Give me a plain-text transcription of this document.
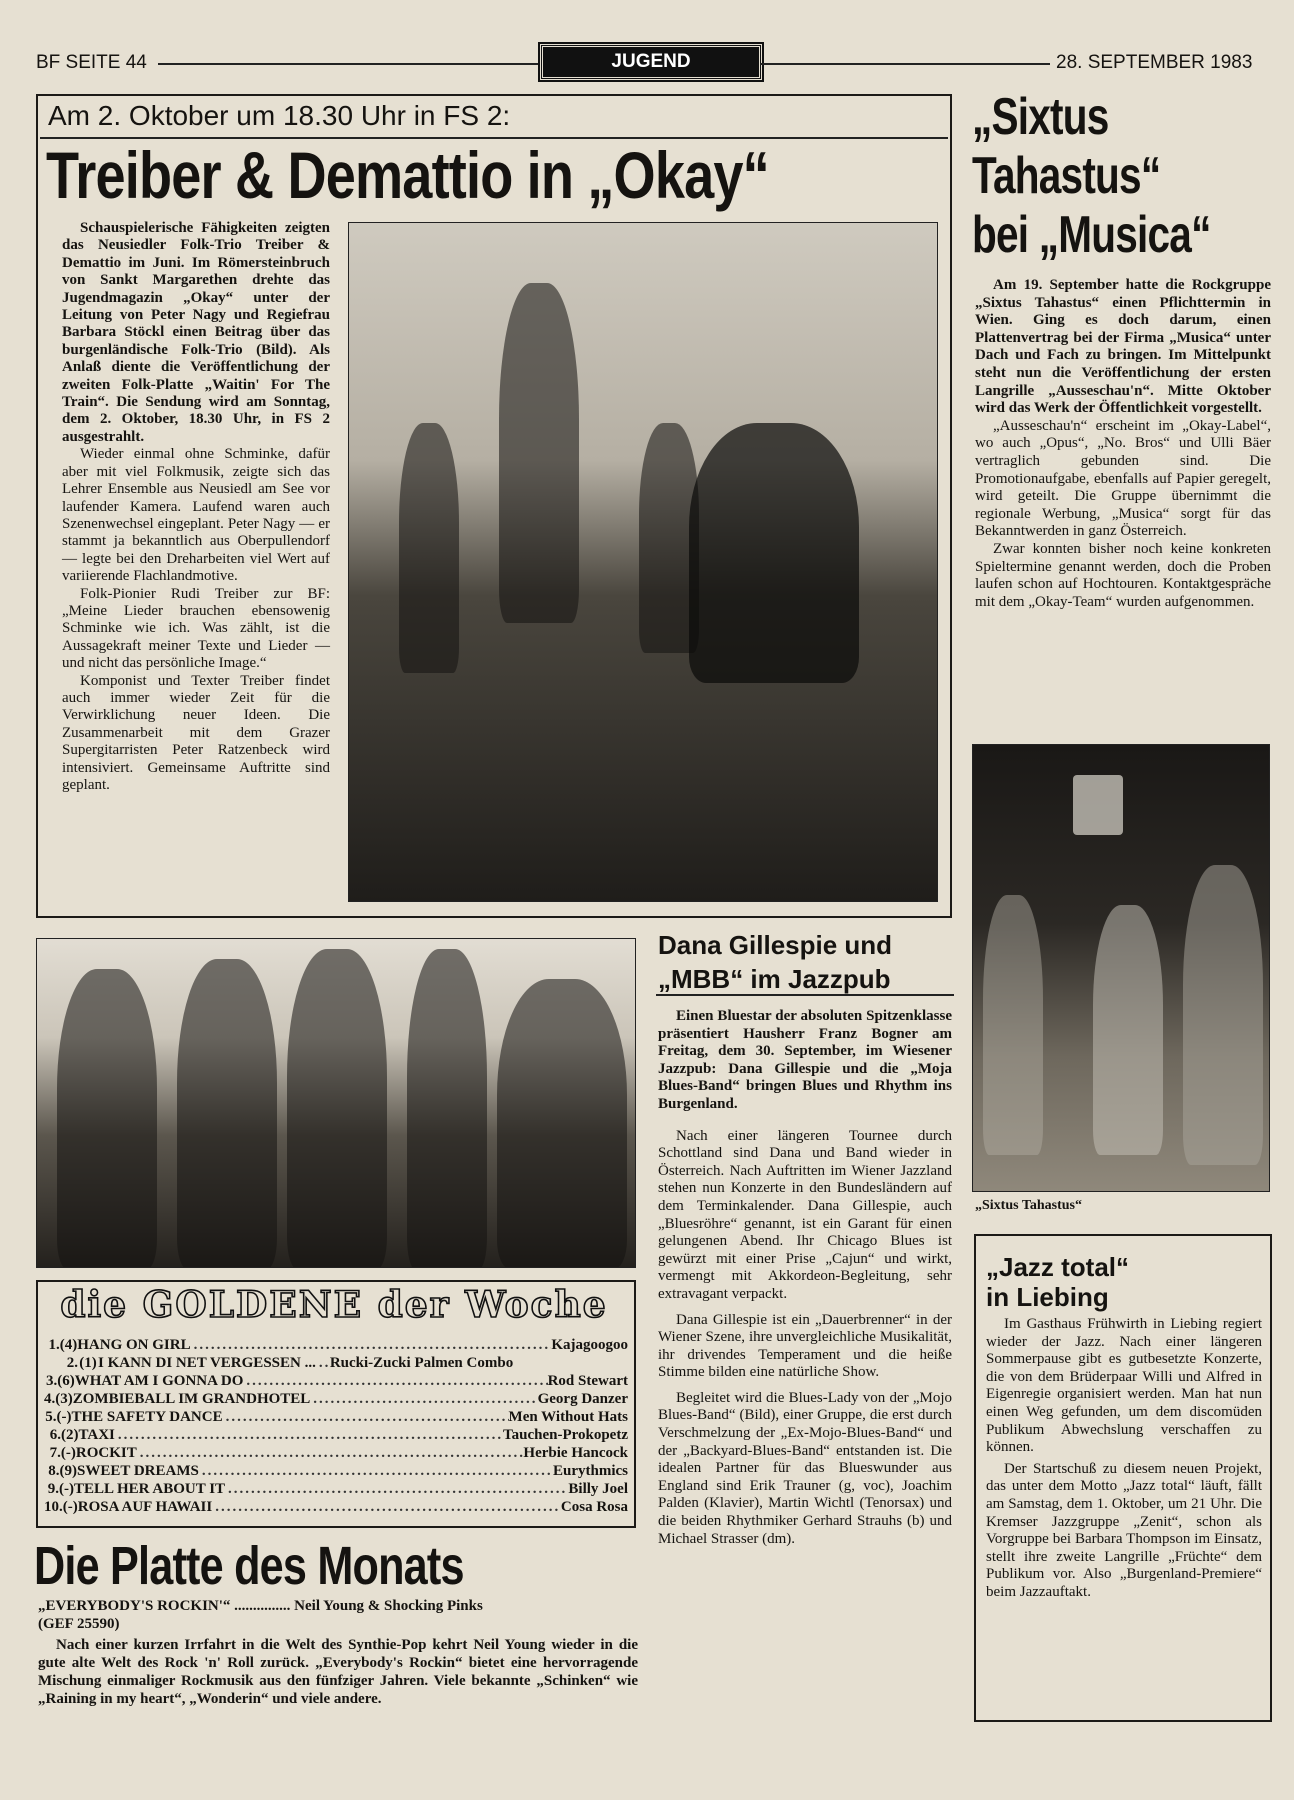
BF SEITE 44	JUGEND	28. SEPTEMBER 1983
Am 2. Oktober um 18.30 Uhr in FS 2:
Treiber & Demattio in „Okay“

Schauspielerische Fähigkeiten zeigten das Neusiedler Folk-Trio Treiber & Demattio im Juni. Im Römersteinbruch von Sankt Margarethen drehte das Jugendmagazin „Okay“ unter der Leitung von Peter Nagy und Regiefrau Barbara Stöckl einen Beitrag über das burgenländische Folk-Trio (Bild). Als Anlaß diente die Veröffentlichung der zweiten Folk-Platte „Waitin' For The Train“. Die Sendung wird am Sonntag, dem 2. Oktober, 18.30 Uhr, in FS 2 ausgestrahlt.

Wieder einmal ohne Schminke, dafür aber mit viel Folkmusik, zeigte sich das Lehrer Ensemble aus Neusiedl am See vor laufender Kamera. Laufend waren auch Szenenwechsel eingeplant. Peter Nagy — er stammt ja bekanntlich aus Oberpullendorf — legte bei den Dreharbeiten viel Wert auf variierende Flachlandmotive.

Folk-Pionier Rudi Treiber zur BF: „Meine Lieder brauchen ebensowenig Schminke wie ich. Was zählt, ist die Aussagekraft meiner Texte und Lieder — und nicht das persönliche Image.“

Komponist und Texter Treiber findet auch immer wieder Zeit für die Verwirklichung neuer Ideen. Die Zusammenarbeit mit dem Grazer Supergitarristen Peter Ratzenbeck wird intensiviert. Gemeinsame Auftritte sind geplant.

„Sixtus
Tahastus“
bei „Musica“

Am 19. September hatte die Rockgruppe „Sixtus Tahastus“ einen Pflichttermin in Wien. Ging es doch darum, einen Plattenvertrag bei der Firma „Musica“ unter Dach und Fach zu bringen. Im Mittelpunkt steht nun die Veröffentlichung der ersten Langrille „Ausseschau'n“. Mitte Oktober wird das Werk der Öffentlichkeit vorgestellt.

„Ausseschau'n“ erscheint im „Okay-Label“, wo auch „Opus“, „No. Bros“ und Ulli Bäer vertraglich gebunden sind. Die Promotionaufgabe, ebenfalls auf Papier geregelt, wird geteilt. Die Gruppe übernimmt die regionale Werbung, „Musica“ sorgt für das Bekanntwerden in ganz Österreich.

Zwar konnten bisher noch keine konkreten Spieltermine genannt werden, doch die Proben laufen schon auf Hochtouren. Kontaktgespräche mit dem „Okay-Team“ wurden aufgenommen.

„Sixtus Tahastus“
die GOLDENE der Woche
1. (4) HANG ON GIRL .....	Kajagoogoo
2. (1) I KANN DI NET VERGESSEN ... ..... Rucki-Zucki Palmen Combo
3. (6) WHAT AM I GONNA DO .....	Rod Stewart
4. (3) ZOMBIEBALL IM GRANDHOTEL .....	Georg Danzer
5. (-) THE SAFETY DANCE .....	Men Without Hats
6. (2) TAXI .....	Tauchen-Prokopetz
7. (-) ROCKIT .....	Herbie Hancock
8. (9) SWEET DREAMS .....	Eurythmics
9. (-) TELL HER ABOUT IT .....	Billy Joel
10. (-) ROSA AUF HAWAII .....	Cosa Rosa
Die Platte des Monats
„EVERYBODY'S ROCKIN'“ ............... Neil Young & Shocking Pinks
(GEF 25590)

Nach einer kurzen Irrfahrt in die Welt des Synthie-Pop kehrt Neil Young wieder in die gute alte Welt des Rock 'n' Roll zurück. „Everybody's Rockin“ bietet eine hervorragende Mischung einmaliger Rockmusik aus den fünfziger Jahren. Viele bekannte „Schinken“ wie „Raining in my heart“, „Wonderin“ und viele andere.

Dana Gillespie und
„MBB“ im Jazzpub

Einen Bluestar der absoluten Spitzenklasse präsentiert Hausherr Franz Bogner am Freitag, dem 30. September, im Wiesener Jazzpub: Dana Gillespie und die „Moja Blues-Band“ bringen Blues und Rhythm ins Burgenland.

Nach einer längeren Tournee durch Schottland sind Dana und Band wieder in Österreich. Nach Auftritten im Wiener Jazzland stehen nun Konzerte in den Bundesländern auf dem Terminkalender. Dana Gillespie, auch „Bluesröhre“ genannt, ist ein Garant für einen gelungenen Abend. Ihr Chicago Blues ist gewürzt mit einer Prise „Cajun“ und wirkt, vermengt mit Akkordeon-Begleitung, sehr extravagant verpackt.

Dana Gillespie ist ein „Dauerbrenner“ in der Wiener Szene, ihre unvergleichliche Musikalität, ihr drivendes Temperament und die heiße Stimme bilden eine natürliche Show.

Begleitet wird die Blues-Lady von der „Mojo Blues-Band“ (Bild), einer Gruppe, die erst durch Verschmelzung der „Ex-Mojo-Blues-Band“ und der „Backyard-Blues-Band“ entstanden ist. Die idealen Partner für das Blueswunder aus England sind Erik Trauner (g, voc), Joachim Palden (Klavier), Martin Wichtl (Tenorsax) und die beiden Rhythmiker Gerhard Strauhs (b) und Michael Strasser (dm).

„Jazz total“
in Liebing

Im Gasthaus Frühwirth in Liebing regiert wieder der Jazz. Nach einer längeren Sommerpause gibt es gutbesetzte Konzerte, die von dem Brüderpaar Willi und Alfred in Eigenregie organisiert werden. Man hat nun einen Weg gefunden, um dem discomüden Publikum Abwechslung verschaffen zu können.

Der Startschuß zu diesem neuen Projekt, das unter dem Motto „Jazz total“ läuft, fällt am Samstag, dem 1. Oktober, um 21 Uhr. Die Kremser Jazzgruppe „Zenit“, schon als Vorgruppe bei Barbara Thompson im Einsatz, stellt ihre zweite Langrille „Früchte“ dem Publikum vor. Also „Burgenland-Premiere“ beim Jazzauftakt.
